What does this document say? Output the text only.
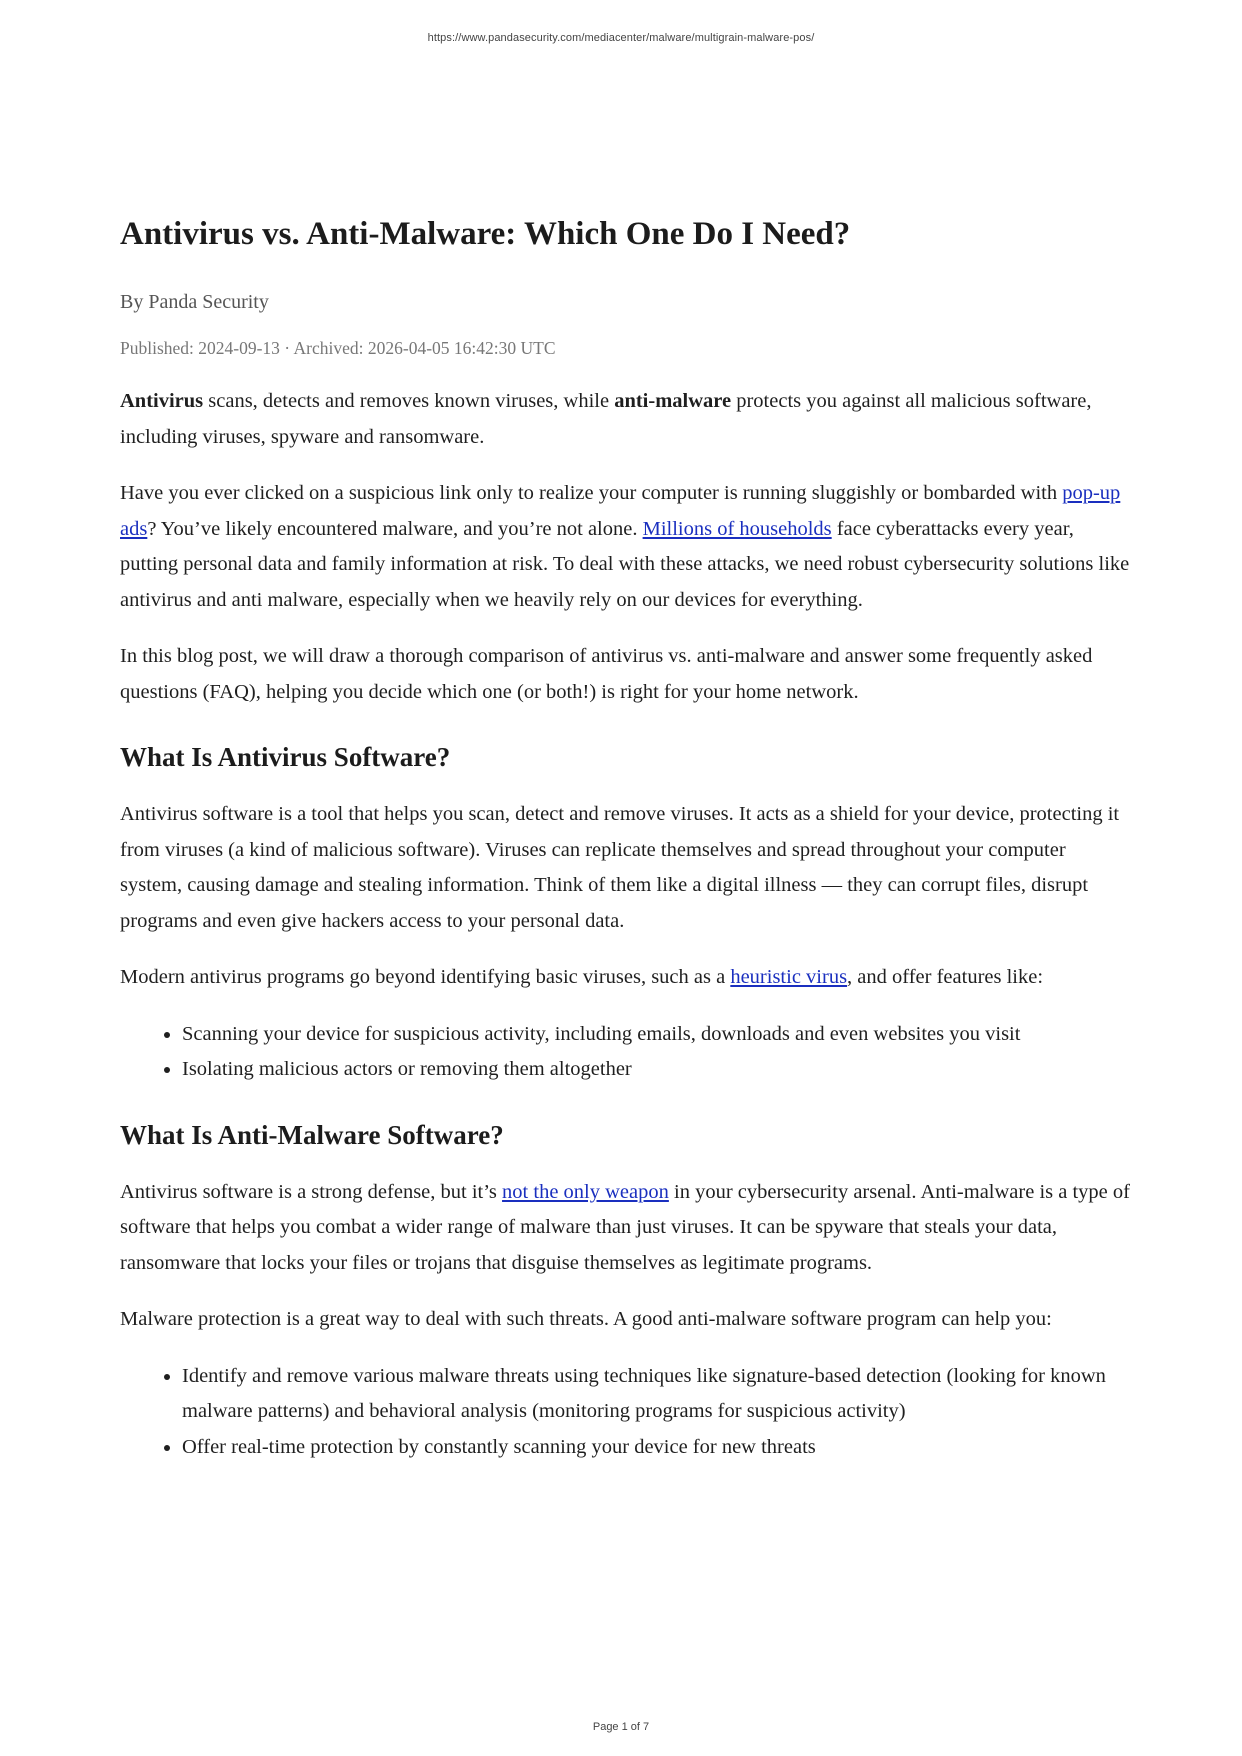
https://www.pandasecurity.com/mediacenter/malware/multigrain-malware-pos/
Antivirus vs. Anti-Malware: Which One Do I Need?
By Panda Security
Published: 2024-09-13 · Archived: 2026-04-05 16:42:30 UTC

Antivirus scans, detects and removes known viruses, while anti-malware protects you against all malicious software, including viruses, spyware and ransomware.

Have you ever clicked on a suspicious link only to realize your computer is running sluggishly or bombarded with pop-up ads? You’ve likely encountered malware, and you’re not alone. Millions of households face cyberattacks every year, putting personal data and family information at risk. To deal with these attacks, we need robust cybersecurity solutions like antivirus and anti malware, especially when we heavily rely on our devices for everything.

In this blog post, we will draw a thorough comparison of antivirus vs. anti-malware and answer some frequently asked questions (FAQ), helping you decide which one (or both!) is right for your home network.

What Is Antivirus Software?

Antivirus software is a tool that helps you scan, detect and remove viruses. It acts as a shield for your device, protecting it from viruses (a kind of malicious software). Viruses can replicate themselves and spread throughout your computer system, causing damage and stealing information. Think of them like a digital illness — they can corrupt files, disrupt programs and even give hackers access to your personal data.

Modern antivirus programs go beyond identifying basic viruses, such as a heuristic virus, and offer features like:

• Scanning your device for suspicious activity, including emails, downloads and even websites you visit
• Isolating malicious actors or removing them altogether
What Is Anti-Malware Software?

Antivirus software is a strong defense, but it’s not the only weapon in your cybersecurity arsenal. Anti-malware is a type of software that helps you combat a wider range of malware than just viruses. It can be spyware that steals your data, ransomware that locks your files or trojans that disguise themselves as legitimate programs.

Malware protection is a great way to deal with such threats. A good anti-malware software program can help you:

• Identify and remove various malware threats using techniques like signature-based detection (looking for known malware patterns) and behavioral analysis (monitoring programs for suspicious activity)
• Offer real-time protection by constantly scanning your device for new threats
Page 1 of 7
